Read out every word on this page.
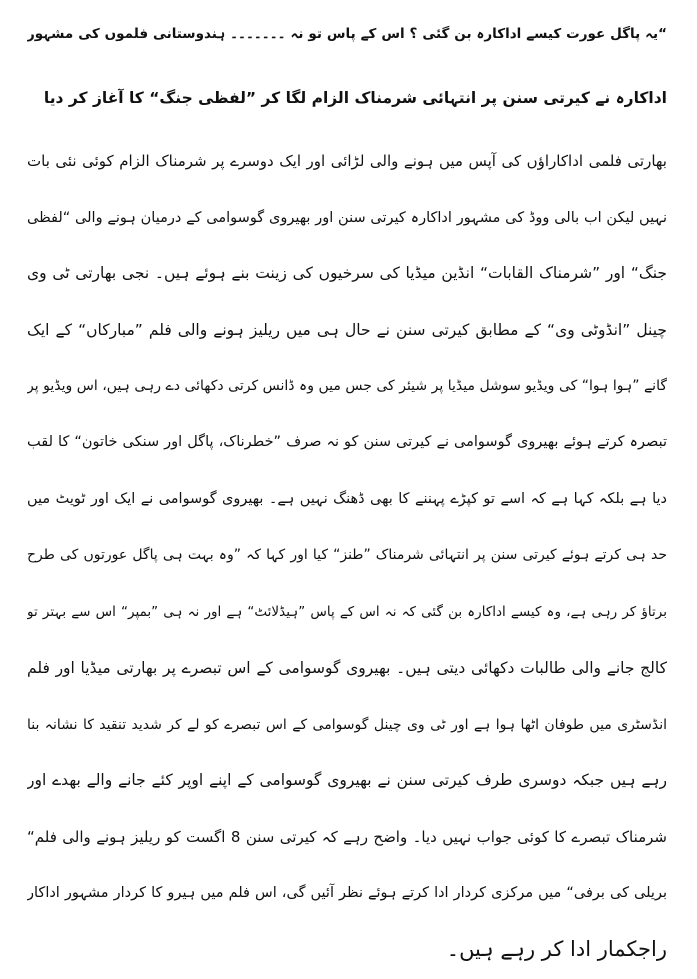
“یہ پاگل عورت کیسے اداکارہ بن گئی ؟ اس کے پاس تو نہ ۔۔۔۔۔۔۔ ہندوستانی فلموں کی مشہور
اداکارہ نے کیرتی سنن پر انتہائی شرمناک الزام لگا کر ”لفظی جنگ“ کا آغاز کر دیا
بھارتی فلمی اداکاراؤں کی آپس میں ہونے والی لڑائی اور ایک دوسرے پر شرمناک الزام کوئی نئی بات
نہیں لیکن اب بالی ووڈ کی مشہور اداکارہ کیرتی سنن اور بھیروی گوسوامی کے درمیان ہونے والی “لفظی
جنگ“ اور ”شرمناک القابات“ انڈین میڈیا کی سرخیوں کی زینت بنے ہوئے ہیں۔ نجی بھارتی ٹی وی
چینل ”انڈوٹی وی“ کے مطابق کیرتی سنن نے حال ہی میں ریلیز ہونے والی فلم ”مبارکاں“ کے ایک
گانے ”ہوا ہوا“ کی ویڈیو سوشل میڈیا پر شیئر کی جس میں وہ ڈانس کرتی دکھائی دے رہی ہیں، اس ویڈیو پر
تبصرہ کرتے ہوئے بھیروی گوسوامی نے کیرتی سنن کو نہ صرف ”خطرناک، پاگل اور سنکی خاتون“ کا لقب
دیا ہے بلکہ کہا ہے کہ اسے تو کپڑے پہننے کا بھی ڈھنگ نہیں ہے۔ بھیروی گوسوامی نے ایک اور ٹویٹ میں
حد ہی کرتے ہوئے کیرتی سنن پر انتہائی شرمناک ”طنز“ کیا اور کہا کہ ”وہ بہت ہی پاگل عورتوں کی طرح
برتاؤ کر رہی ہے، وہ کیسے اداکارہ بن گئی کہ نہ اس کے پاس ”ہیڈلائٹ“ ہے اور نہ ہی ”بمپر“ اس سے بہتر تو
کالج جانے والی طالبات دکھائی دیتی ہیں۔ بھیروی گوسوامی کے اس تبصرے پر بھارتی میڈیا اور فلم
انڈسٹری میں طوفان اٹھا ہوا ہے اور ٹی وی چینل گوسوامی کے اس تبصرے کو لے کر شدید تنقید کا نشانہ بنا
رہے ہیں جبکہ دوسری طرف کیرتی سنن نے بھیروی گوسوامی کے اپنے اوپر کئے جانے والے بھدے اور
شرمناک تبصرے کا کوئی جواب نہیں دیا۔ واضح رہے کہ کیرتی سنن 8 اگست کو ریلیز ہونے والی فلم“
بریلی کی برفی“ میں مرکزی کردار ادا کرتے ہوئے نظر آئیں گی، اس فلم میں ہیرو کا کردار مشہور اداکار
راجکمار ادا کر رہے ہیں۔
